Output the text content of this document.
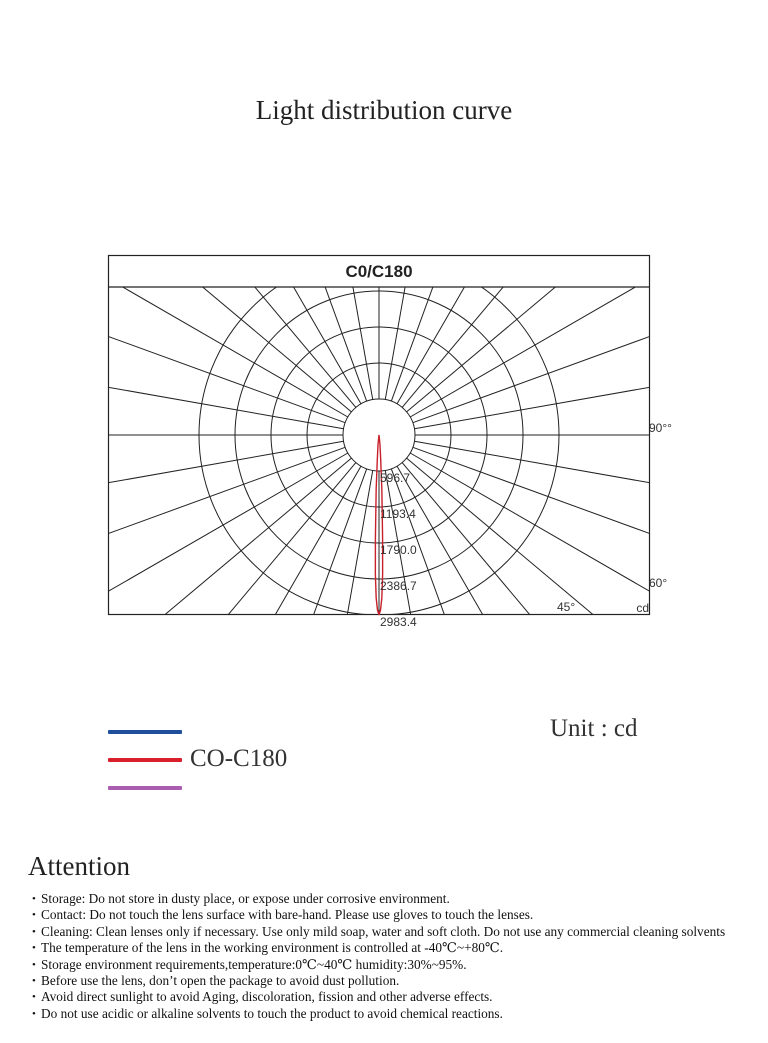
Light distribution curve
C0/C180
596.7
1193.4
1790.0
2386.7
2983.4
90°°
60°
45°	cd
CO-C180
Unit : cd
Attention
• Storage: Do not store in dusty place, or expose under corrosive environment.
• Contact: Do not touch the lens surface with bare-hand. Please use gloves to touch the lenses.
• Cleaning: Clean lenses only if necessary. Use only mild soap, water and soft cloth. Do not use any commercial cleaning solvents
• The temperature of the lens in the working environment is controlled at -40℃~+80℃.
• Storage environment requirements,temperature:0℃~40℃ humidity:30%~95%.
• Before use the lens, don’t open the package to avoid dust pollution.
• Avoid direct sunlight to avoid Aging, discoloration, fission and other adverse effects.
• Do not use acidic or alkaline solvents to touch the product to avoid chemical reactions.
